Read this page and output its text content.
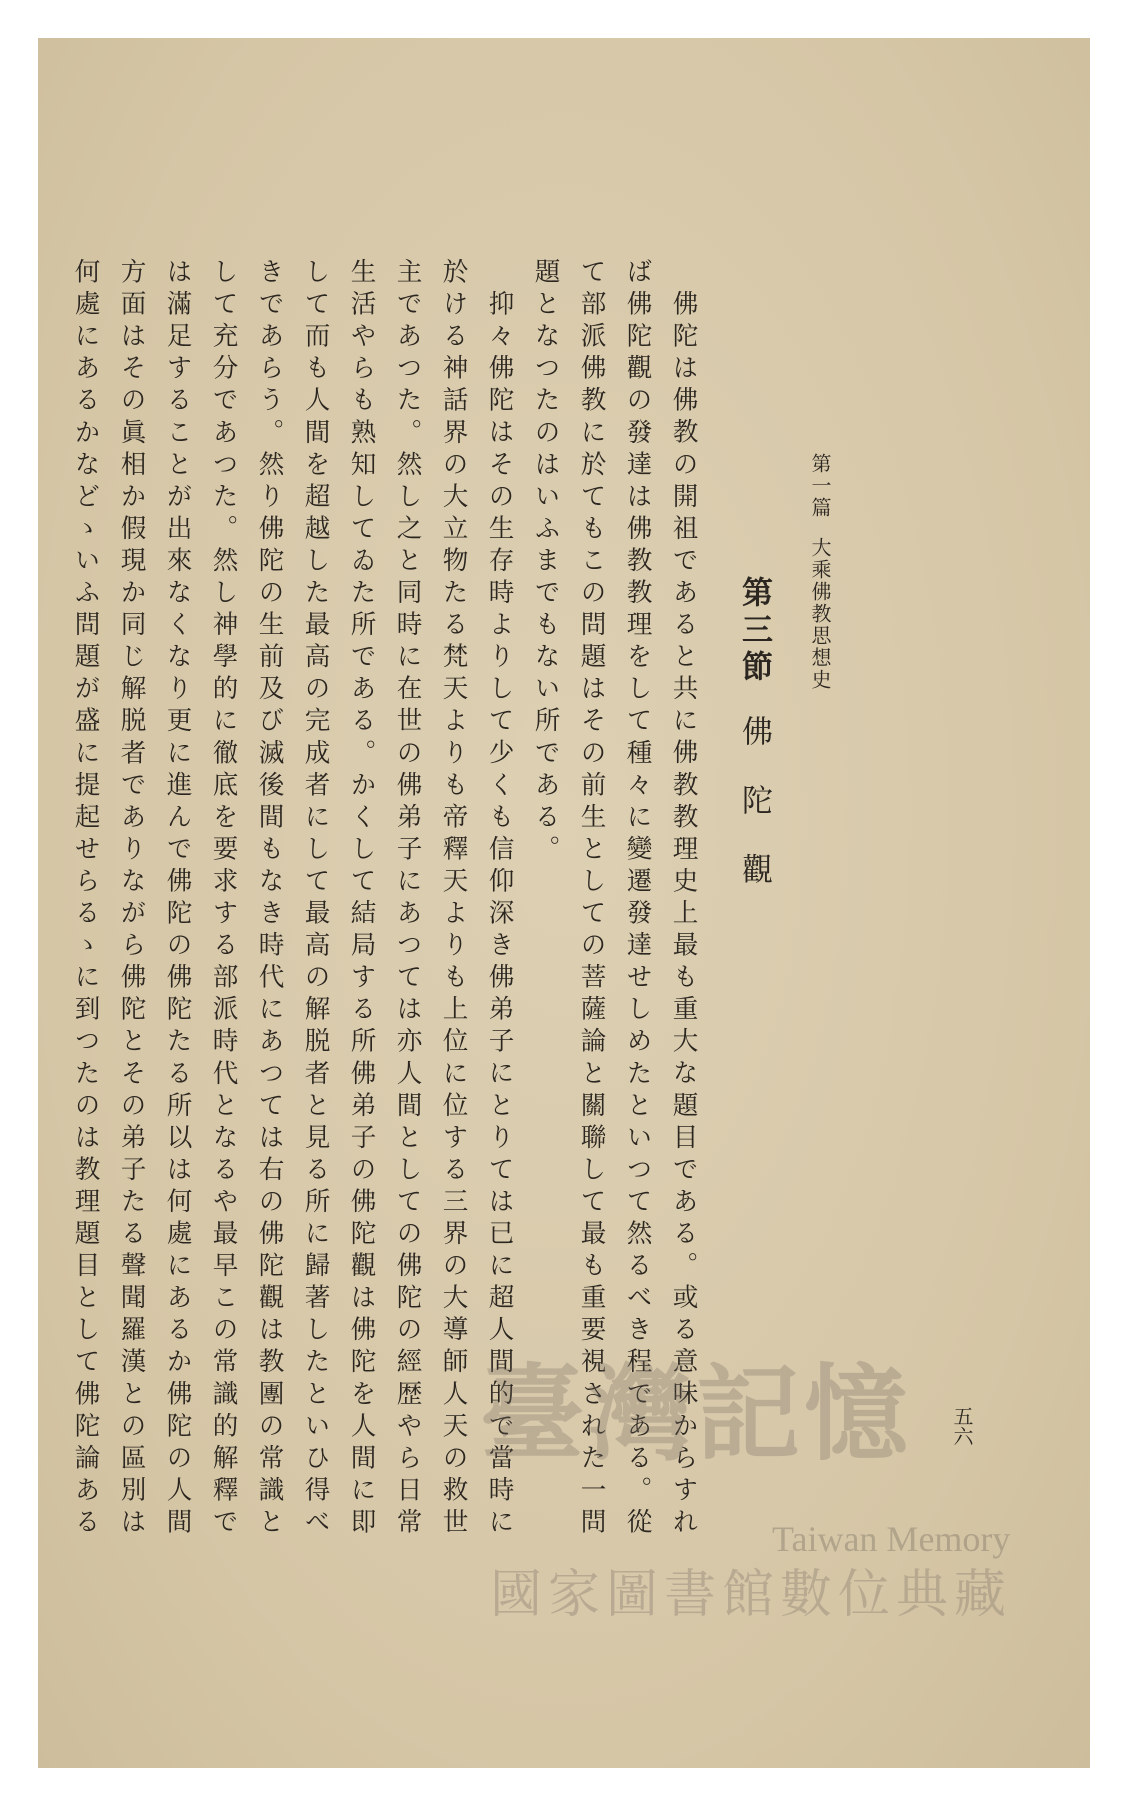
第一篇大乘佛教思想史
第三節佛陀觀
佛陀は佛教の開祖であると共に佛教教理史上最も重大な題目である。或る意味からすれ
ば佛陀觀の發達は佛教教理をして種々に變遷發達せしめたといつて然るべき程である。從
て部派佛教に於てもこの問題はその前生としての菩薩論と關聯して最も重要視された一問
題となつたのはいふまでもない所である。
抑々佛陀はその生存時よりして少くも信仰深き佛弟子にとりては已に超人間的で當時に
於ける神話界の大立物たる梵天よりも帝釋天よりも上位に位する三界の大導師人天の救世
主であつた。然し之と同時に在世の佛弟子にあつては亦人間としての佛陀の經歴やら日常
生活やらも熟知してゐた所である。かくして結局する所佛弟子の佛陀觀は佛陀を人間に即
して而も人間を超越した最高の完成者にして最高の解脱者と見る所に歸著したといひ得べ
きであらう。然り佛陀の生前及び滅後間もなき時代にあつては右の佛陀觀は教團の常識と
して充分であつた。然し神學的に徹底を要求する部派時代となるや最早この常識的解釋で
は滿足することが出來なくなり更に進んで佛陀の佛陀たる所以は何處にあるか佛陀の人間
方面はその眞相か假現か同じ解脱者でありながら佛陀とその弟子たる聲聞羅漢との區別は
何處にあるかなどゝいふ問題が盛に提起せらるゝに到つたのは教理題目として佛陀論ある	五六
臺灣記憶
Taiwan Memory
國家圖書館數位典藏
